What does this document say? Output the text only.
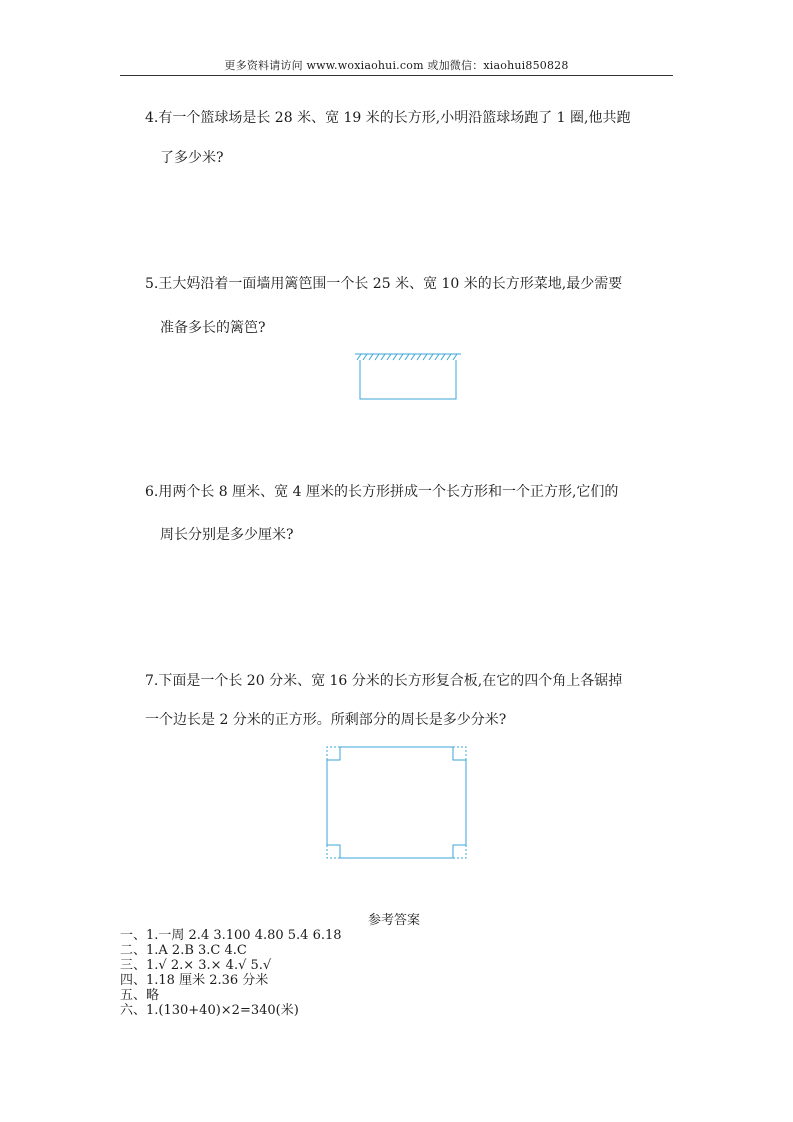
更多资料请访问 www.woxiaohui.com 或加微信：xiaohui850828
4.有一个篮球场是长 28 米、宽 19 米的长方形,小明沿篮球场跑了 1 圈,他共跑
了多少米?
5.王大妈沿着一面墙用篱笆围一个长 25 米、宽 10 米的长方形菜地,最少需要
准备多长的篱笆?
6.用两个长 8 厘米、宽 4 厘米的长方形拼成一个长方形和一个正方形,它们的
周长分别是多少厘米?
7.下面是一个长 20 分米、宽 16 分米的长方形复合板,在它的四个角上各锯掉
一个边长是 2 分米的正方形。所剩部分的周长是多少分米?
参考答案
一、1.一周 2.4 3.100 4.80 5.4 6.18
二、1.A 2.B 3.C 4.C
三、1.√ 2.× 3.× 4.√ 5.√
四、1.18 厘米 2.36 分米
五、略
六、1.(130+40)×2=340(米)
